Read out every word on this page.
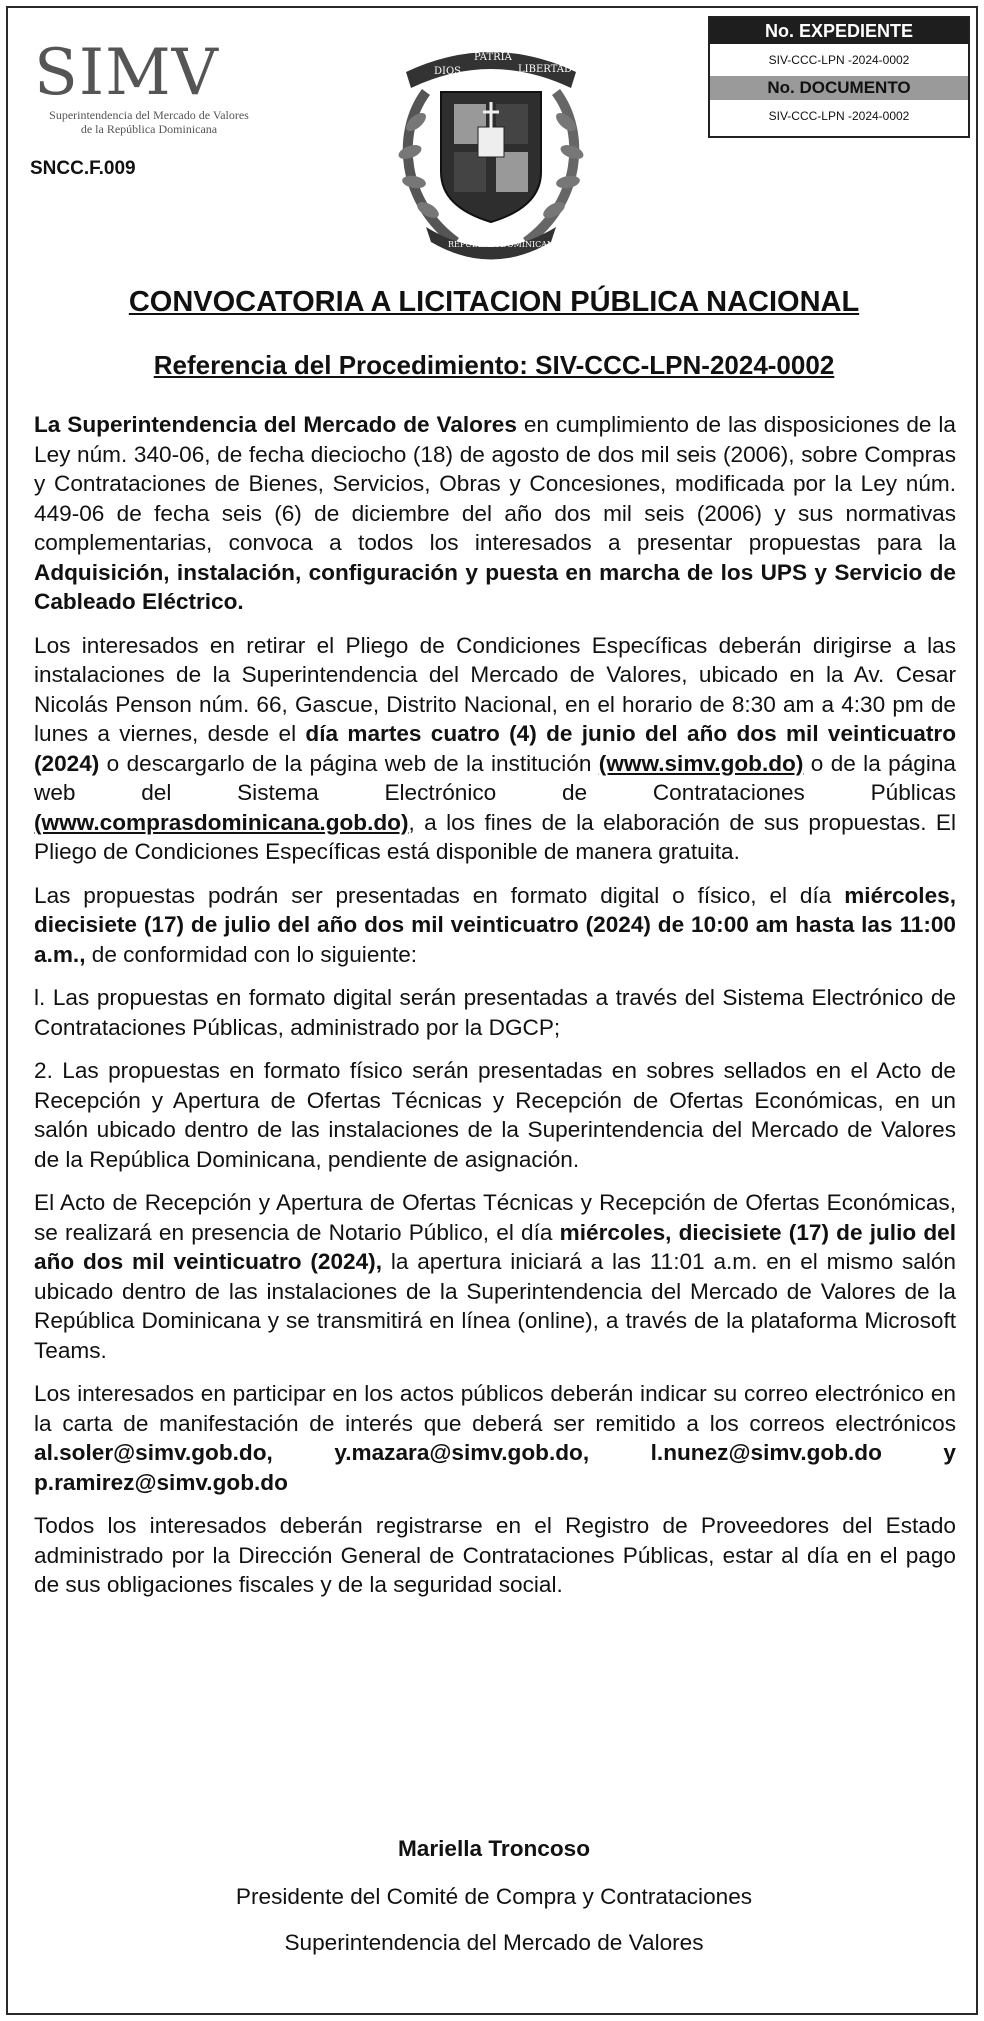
SIMV
Superintendencia del Mercado de Valores
de la República Dominicana
SNCC.F.009
DIOS
PATRIA
LIBERTAD
REPÚBLICA DOMINICANA
No. EXPEDIENTE
SIV-CCC-LPN -2024-0002
No. DOCUMENTO
SIV-CCC-LPN -2024-0002
CONVOCATORIA A LICITACION PÚBLICA NACIONAL
Referencia del Procedimiento: SIV-CCC-LPN-2024-0002

La Superintendencia del Mercado de Valores en cumplimiento de las disposiciones de la Ley núm. 340-06, de fecha dieciocho (18) de agosto de dos mil seis (2006), sobre Compras y Contrataciones de Bienes, Servicios, Obras y Concesiones, modificada por la Ley núm. 449-06 de fecha seis (6) de diciembre del año dos mil seis (2006) y sus normativas complementarias, convoca a todos los interesados a presentar propuestas para la Adquisición, instalación, configuración y puesta en marcha de los UPS y Servicio de Cableado Eléctrico.

Los interesados en retirar el Pliego de Condiciones Específicas deberán dirigirse a las instalaciones de la Superintendencia del Mercado de Valores, ubicado en la Av. Cesar Nicolás Penson núm. 66, Gascue, Distrito Nacional, en el horario de 8:30 am a 4:30 pm de lunes a viernes, desde el día martes cuatro (4) de junio del año dos mil veinticuatro (2024) o descargarlo de la página web de la institución (www.simv.gob.do) o de la página web del Sistema Electrónico de Contrataciones Públicas (www.comprasdominicana.gob.do), a los fines de la elaboración de sus propuestas. El Pliego de Condiciones Específicas está disponible de manera gratuita.

Las propuestas podrán ser presentadas en formato digital o físico, el día miércoles, diecisiete (17) de julio del año dos mil veinticuatro (2024) de 10:00 am hasta las 11:00 a.m., de conformidad con lo siguiente:

l. Las propuestas en formato digital serán presentadas a través del Sistema Electrónico de Contrataciones Públicas, administrado por la DGCP;

2. Las propuestas en formato físico serán presentadas en sobres sellados en el Acto de Recepción y Apertura de Ofertas Técnicas y Recepción de Ofertas Económicas, en un salón ubicado dentro de las instalaciones de la Superintendencia del Mercado de Valores de la República Dominicana, pendiente de asignación.

El Acto de Recepción y Apertura de Ofertas Técnicas y Recepción de Ofertas Económicas, se realizará en presencia de Notario Público, el día miércoles, diecisiete (17) de julio del año dos mil veinticuatro (2024), la apertura iniciará a las 11:01 a.m. en el mismo salón ubicado dentro de las instalaciones de la Superintendencia del Mercado de Valores de la República Dominicana y se transmitirá en línea (online), a través de la plataforma Microsoft Teams.

Los interesados en participar en los actos públicos deberán indicar su correo electrónico en la carta de manifestación de interés que deberá ser remitido a los correos electrónicos al.soler@simv.gob.do, y.mazara@simv.gob.do, l.nunez@simv.gob.do y p.ramirez@simv.gob.do

Todos los interesados deberán registrarse en el Registro de Proveedores del Estado administrado por la Dirección General de Contrataciones Públicas, estar al día en el pago de sus obligaciones fiscales y de la seguridad social.

Mariella Troncoso
Presidente del Comité de Compra y Contrataciones
Superintendencia del Mercado de Valores
